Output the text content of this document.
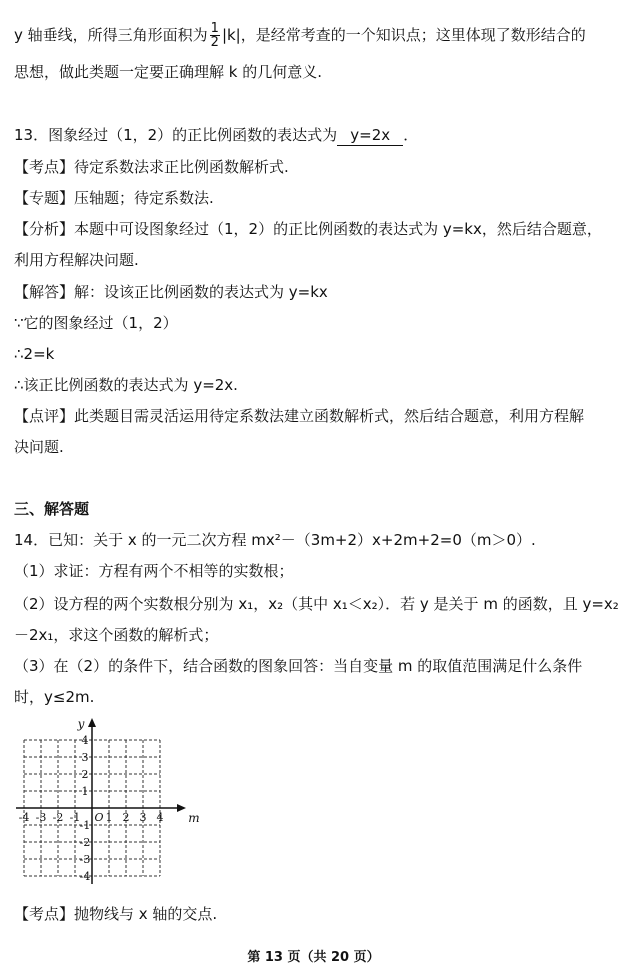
y 轴垂线，所得三角形面积为 $\frac{1}{2} |k|$，是经常考查的一个知识点；这里体现了数形结合的
思想，做此类题一定要正确理解 k 的几何意义.
13．图象经过（1，2）的正比例函数的表达式为 y=2x ．
【考点】待定系数法求正比例函数解析式.
【专题】压轴题；待定系数法.
【分析】本题中可设图象经过（1，2）的正比例函数的表达式为 y=kx，然后结合题意，
利用方程解决问题.
【解答】解：设该正比例函数的表达式为 y=kx
∵它的图象经过（1，2）
∴2=k
∴该正比例函数的表达式为 y=2x.
【点评】此类题目需灵活运用待定系数法建立函数解析式，然后结合题意，利用方程解
决问题.
三、解答题
14．已知：关于 x 的一元二次方程 mx²－（3m+2）x+2m+2=0（m＞0）.
（1）求证：方程有两个不相等的实数根；
（2）设方程的两个实数根分别为 x₁，x₂（其中 x₁＜x₂）．若 y 是关于 m 的函数，且 y=x₂
－2x₁，求这个函数的解析式；
（3）在（2）的条件下，结合函数的图象回答：当自变量 m 的取值范围满足什么条件
时，y≤2m.
-4 -3 -2 -1 1 2 3 4
4
3
2
1
-1
-2
-3
-4
O	m
y
【考点】抛物线与 x 轴的交点.
第 13 页（共 20 页）
